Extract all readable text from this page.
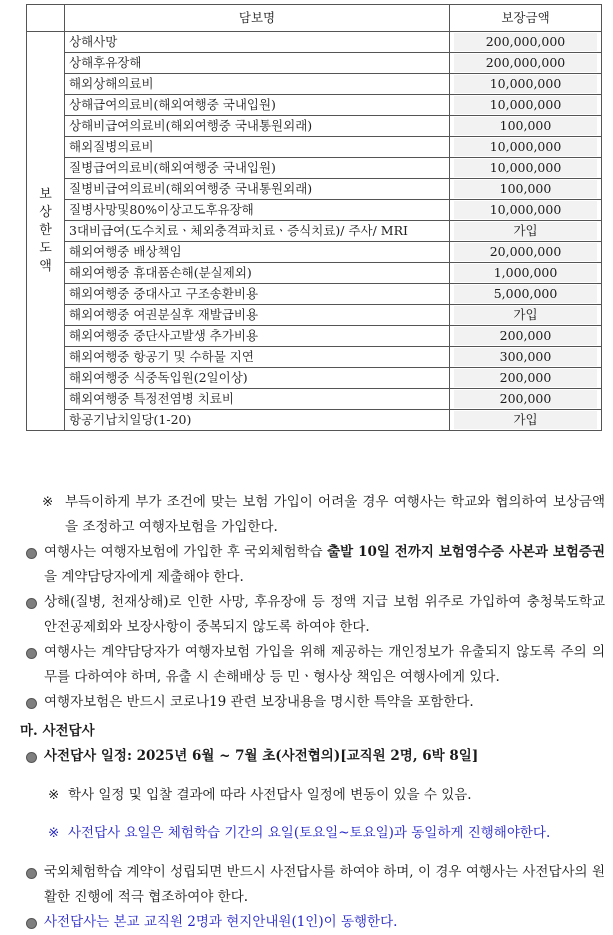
	담보명	보장금액
보상한도액	상해사망	200,000,000

	상해후유장해	200,000,000

	해외상해의료비	10,000,000

	상해급여의료비(해외여행중 국내입원)	10,000,000

	상해비급여의료비(해외여행중 국내통원외래)	100,000

	해외질병의료비	10,000,000

	질병급여의료비(해외여행중 국내입원)	10,000,000

	질병비급여의료비(해외여행중 국내통원외래)	100,000

	질병사망및80%이상고도후유장해	10,000,000

	3대비급여(도수치료ㆍ체외충격파치료ㆍ증식치료)/ 주사/ MRI	가입

	해외여행중 배상책임	20,000,000

	해외여행중 휴대품손해(분실제외)	1,000,000

	해외여행중 중대사고 구조송환비용	5,000,000

	해외여행중 여권분실후 재발급비용	가입

	해외여행중 중단사고발생 추가비용	200,000

	해외여행중 항공기 및 수하물 지연	300,000

	해외여행중 식중독입원(2일이상)	200,000

	해외여행중 특정전염병 치료비	200,000

	항공기납치일당(1-20)	가입

※ 부득이하게 부가 조건에 맞는 보험 가입이 어려울 경우 여행사는 학교와 협의하여 보상금액을 조정하고 여행자보험을 가입한다.

여행사는 여행자보험에 가입한 후 국외체험학습 출발 10일 전까지 보험영수증 사본과 보험증권을 계약담당자에게 제출해야 한다.

상해(질병, 천재상해)로 인한 사망, 후유장애 등 정액 지급 보험 위주로 가입하여 충청북도학교 안전공제회와 보장사항이 중복되지 않도록 하여야 한다.

여행사는 계약담당자가 여행자보험 가입을 위해 제공하는 개인정보가 유출되지 않도록 주의 의무를 다하여야 하며, 유출 시 손해배상 등 민ㆍ형사상 책임은 여행사에게 있다.

여행자보험은 반드시 코로나19 관련 보장내용을 명시한 특약을 포함한다.

마. 사전답사

사전답사 일정: 2025년 6월 ~ 7월 초(사전협의)[교직원 2명, 6박 8일]

※ 학사 일정 및 입찰 결과에 따라 사전답사 일정에 변동이 있을 수 있음.

※ 사전답사 요일은 체험학습 기간의 요일(토요일~토요일)과 동일하게 진행해야한다.

국외체험학습 계약이 성립되면 반드시 사전답사를 하여야 하며, 이 경우 여행사는 사전답사의 원활한 진행에 적극 협조하여야 한다.

사전답사는 본교 교직원 2명과 현지안내원(1인)이 동행한다.
